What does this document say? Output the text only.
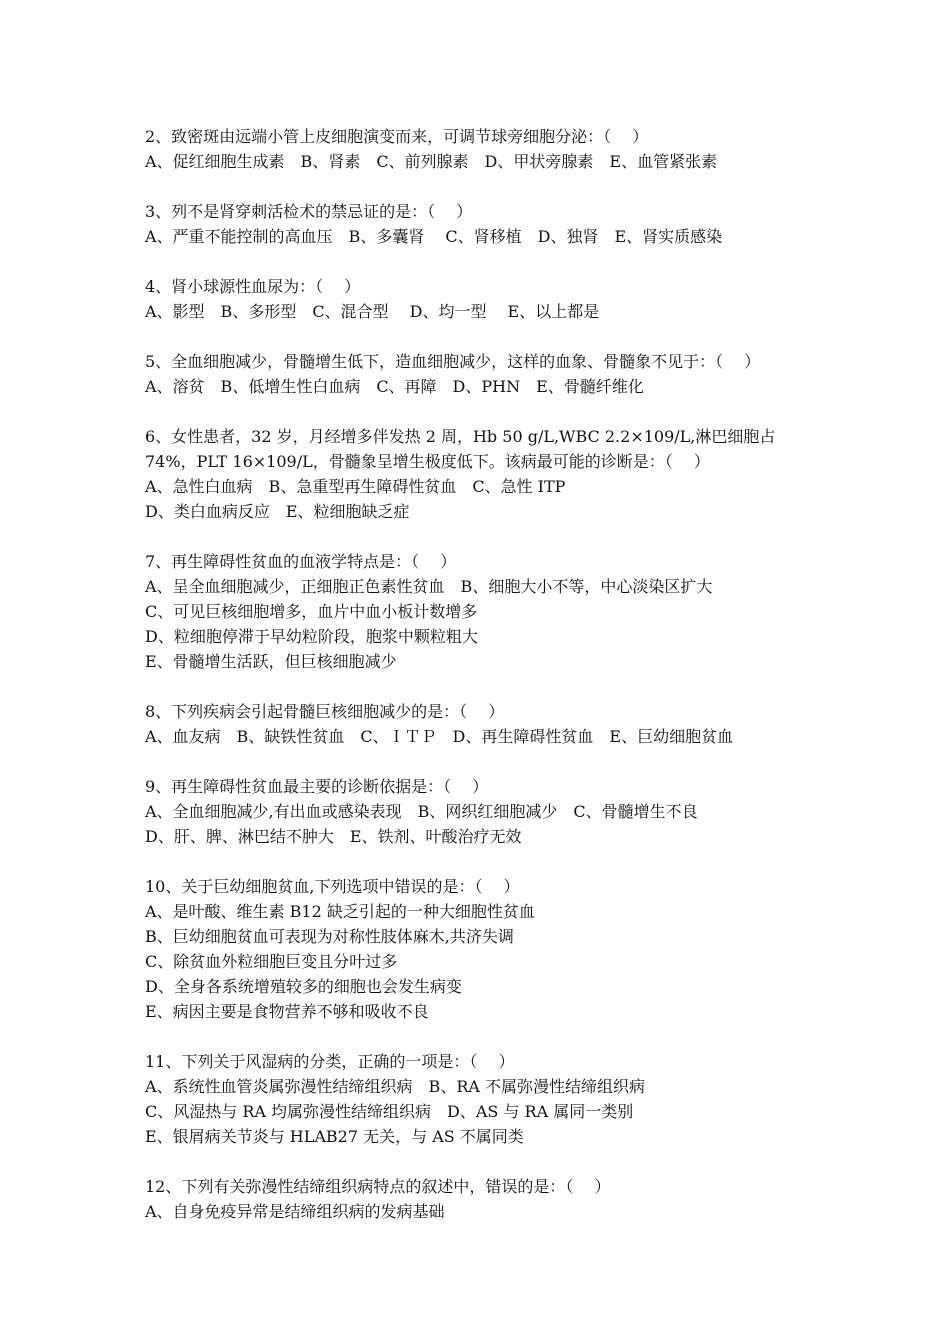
2、致密斑由远端小管上皮细胞演变而来，可调节球旁细胞分泌：（　 ）

A、促红细胞生成素　B、肾素　C、前列腺素　D、甲状旁腺素　E、血管紧张素

3、列不是肾穿刺活检术的禁忌证的是：（　 ）

A、严重不能控制的高血压　B、多囊肾　 C、肾移植　D、独肾　E、肾实质感染

4、肾小球源性血尿为：（　 ）

A、影型　B、多形型　C、混合型　 D、均一型　 E、以上都是

5、全血细胞减少，骨髓增生低下，造血细胞减少，这样的血象、骨髓象不见于：（　 ）

A、溶贫　B、低增生性白血病　C、再障　D、PHN　E、骨髓纤维化

6、女性患者，32 岁，月经增多伴发热 2 周，Hb 50 g/L,WBC 2.2×109/L,淋巴细胞占

74%，PLT 16×109/L，骨髓象呈增生极度低下。该病最可能的诊断是：（　 ）

A、急性白血病　B、急重型再生障碍性贫血　C、急性 ITP

D、类白血病反应　E、粒细胞缺乏症

7、再生障碍性贫血的血液学特点是：（　 ）

A、呈全血细胞减少，正细胞正色素性贫血　B、细胞大小不等，中心淡染区扩大

C、可见巨核细胞增多，血片中血小板计数增多

D、粒细胞停滞于早幼粒阶段，胞浆中颗粒粗大

E、骨髓增生活跃，但巨核细胞减少

8、下列疾病会引起骨髓巨核细胞减少的是：（　 ）

A、血友病　B、缺铁性贫血　C、ＩＴＰ　D、再生障碍性贫血　E、巨幼细胞贫血

9、再生障碍性贫血最主要的诊断依据是：（　 ）

A、全血细胞减少,有出血或感染表现　B、网织红细胞减少　C、骨髓增生不良

D、肝、脾、淋巴结不肿大　E、铁剂、叶酸治疗无效

10、关于巨幼细胞贫血,下列选项中错误的是：（　 ）

A、是叶酸、维生素 B12 缺乏引起的一种大细胞性贫血

B、巨幼细胞贫血可表现为对称性肢体麻木,共济失调

C、除贫血外粒细胞巨变且分叶过多

D、全身各系统增殖较多的细胞也会发生病变

E、病因主要是食物营养不够和吸收不良

11、下列关于风湿病的分类，正确的一项是：（　 ）

A、系统性血管炎属弥漫性结缔组织病　B、RA 不属弥漫性结缔组织病

C、风湿热与 RA 均属弥漫性结缔组织病　D、AS 与 RA 属同一类别

E、银屑病关节炎与 HLAB27 无关，与 AS 不属同类

12、下列有关弥漫性结缔组织病特点的叙述中，错误的是：（　 ）

A、自身免疫异常是结缔组织病的发病基础
